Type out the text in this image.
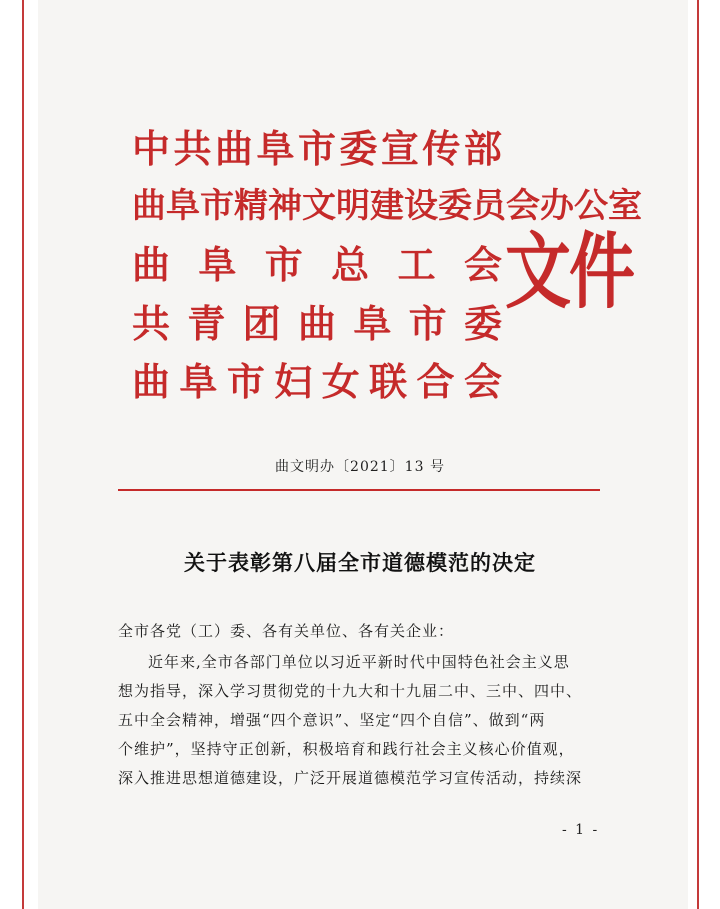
中 共 曲 阜 市 委 宣 传 部
曲 阜 市 精 神 文 明 建 设 委 员 会 办 公 室
曲 阜 市 总 工 会
共 青 团 曲 阜 市 委
曲 阜 市 妇 女 联 合 会
文件
曲文明办〔2021〕13 号
关于表彰第八届全市道德模范的决定
全市各党（工）委、各有关单位、各有关企业：
近年来,全市各部门单位以习近平新时代中国特色社会主义思
想为指导，深入学习贯彻党的十九大和十九届二中、三中、四中、
五中全会精神，增强“四个意识”、坚定“四个自信”、做到“两
个维护”，坚持守正创新，积极培育和践行社会主义核心价值观，
深入推进思想道德建设，广泛开展道德模范学习宣传活动，持续深
- 1 -
